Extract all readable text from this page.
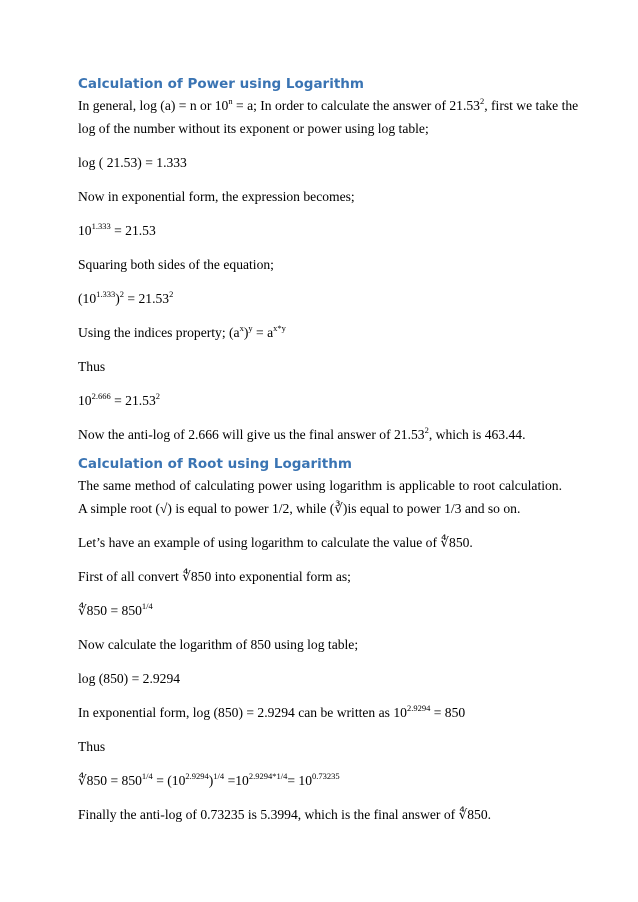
Calculation of Power using Logarithm

In general, log (a) = n or $10^n = a$; In order to calculate the answer of 21.53$^2$, first we take the

log of the number without its exponent or power using log table;

log ( 21.53) = 1.333

Now in exponential form, the expression becomes;

$10^{1.333} = 21.53$

Squaring both sides of the equation;

$(10^{1.333})^2 = 21.53^2$

Using the indices property; $(a^x)^y = a^{x*y}$

Thus

$10^{2.666} = 21.53^2$

Now the anti-log of 2.666 will give us the final answer of 21.53$^2$, which is 463.44.

Calculation of Root using Logarithm

The same method of calculating power using logarithm is applicable to root calculation. A simple root (√) is equal to power 1/2, while (∛)is equal to power 1/3 and so on.

Let’s have an example of using logarithm to calculate the value of ∜850.

First of all convert ∜850 into exponential form as;

∜850 = $850^{1/4}$

Now calculate the logarithm of 850 using log table;

log (850) = 2.9294

In exponential form, log (850) = 2.9294 can be written as $10^{2.9294} = 850$

Thus

∜850 = $850^{1/4} = (10^{2.9294})^{1/4} =10^{2.9294*1/4}= 10^{0.73235}$

Finally the anti-log of 0.73235 is 5.3994, which is the final answer of ∜850.
